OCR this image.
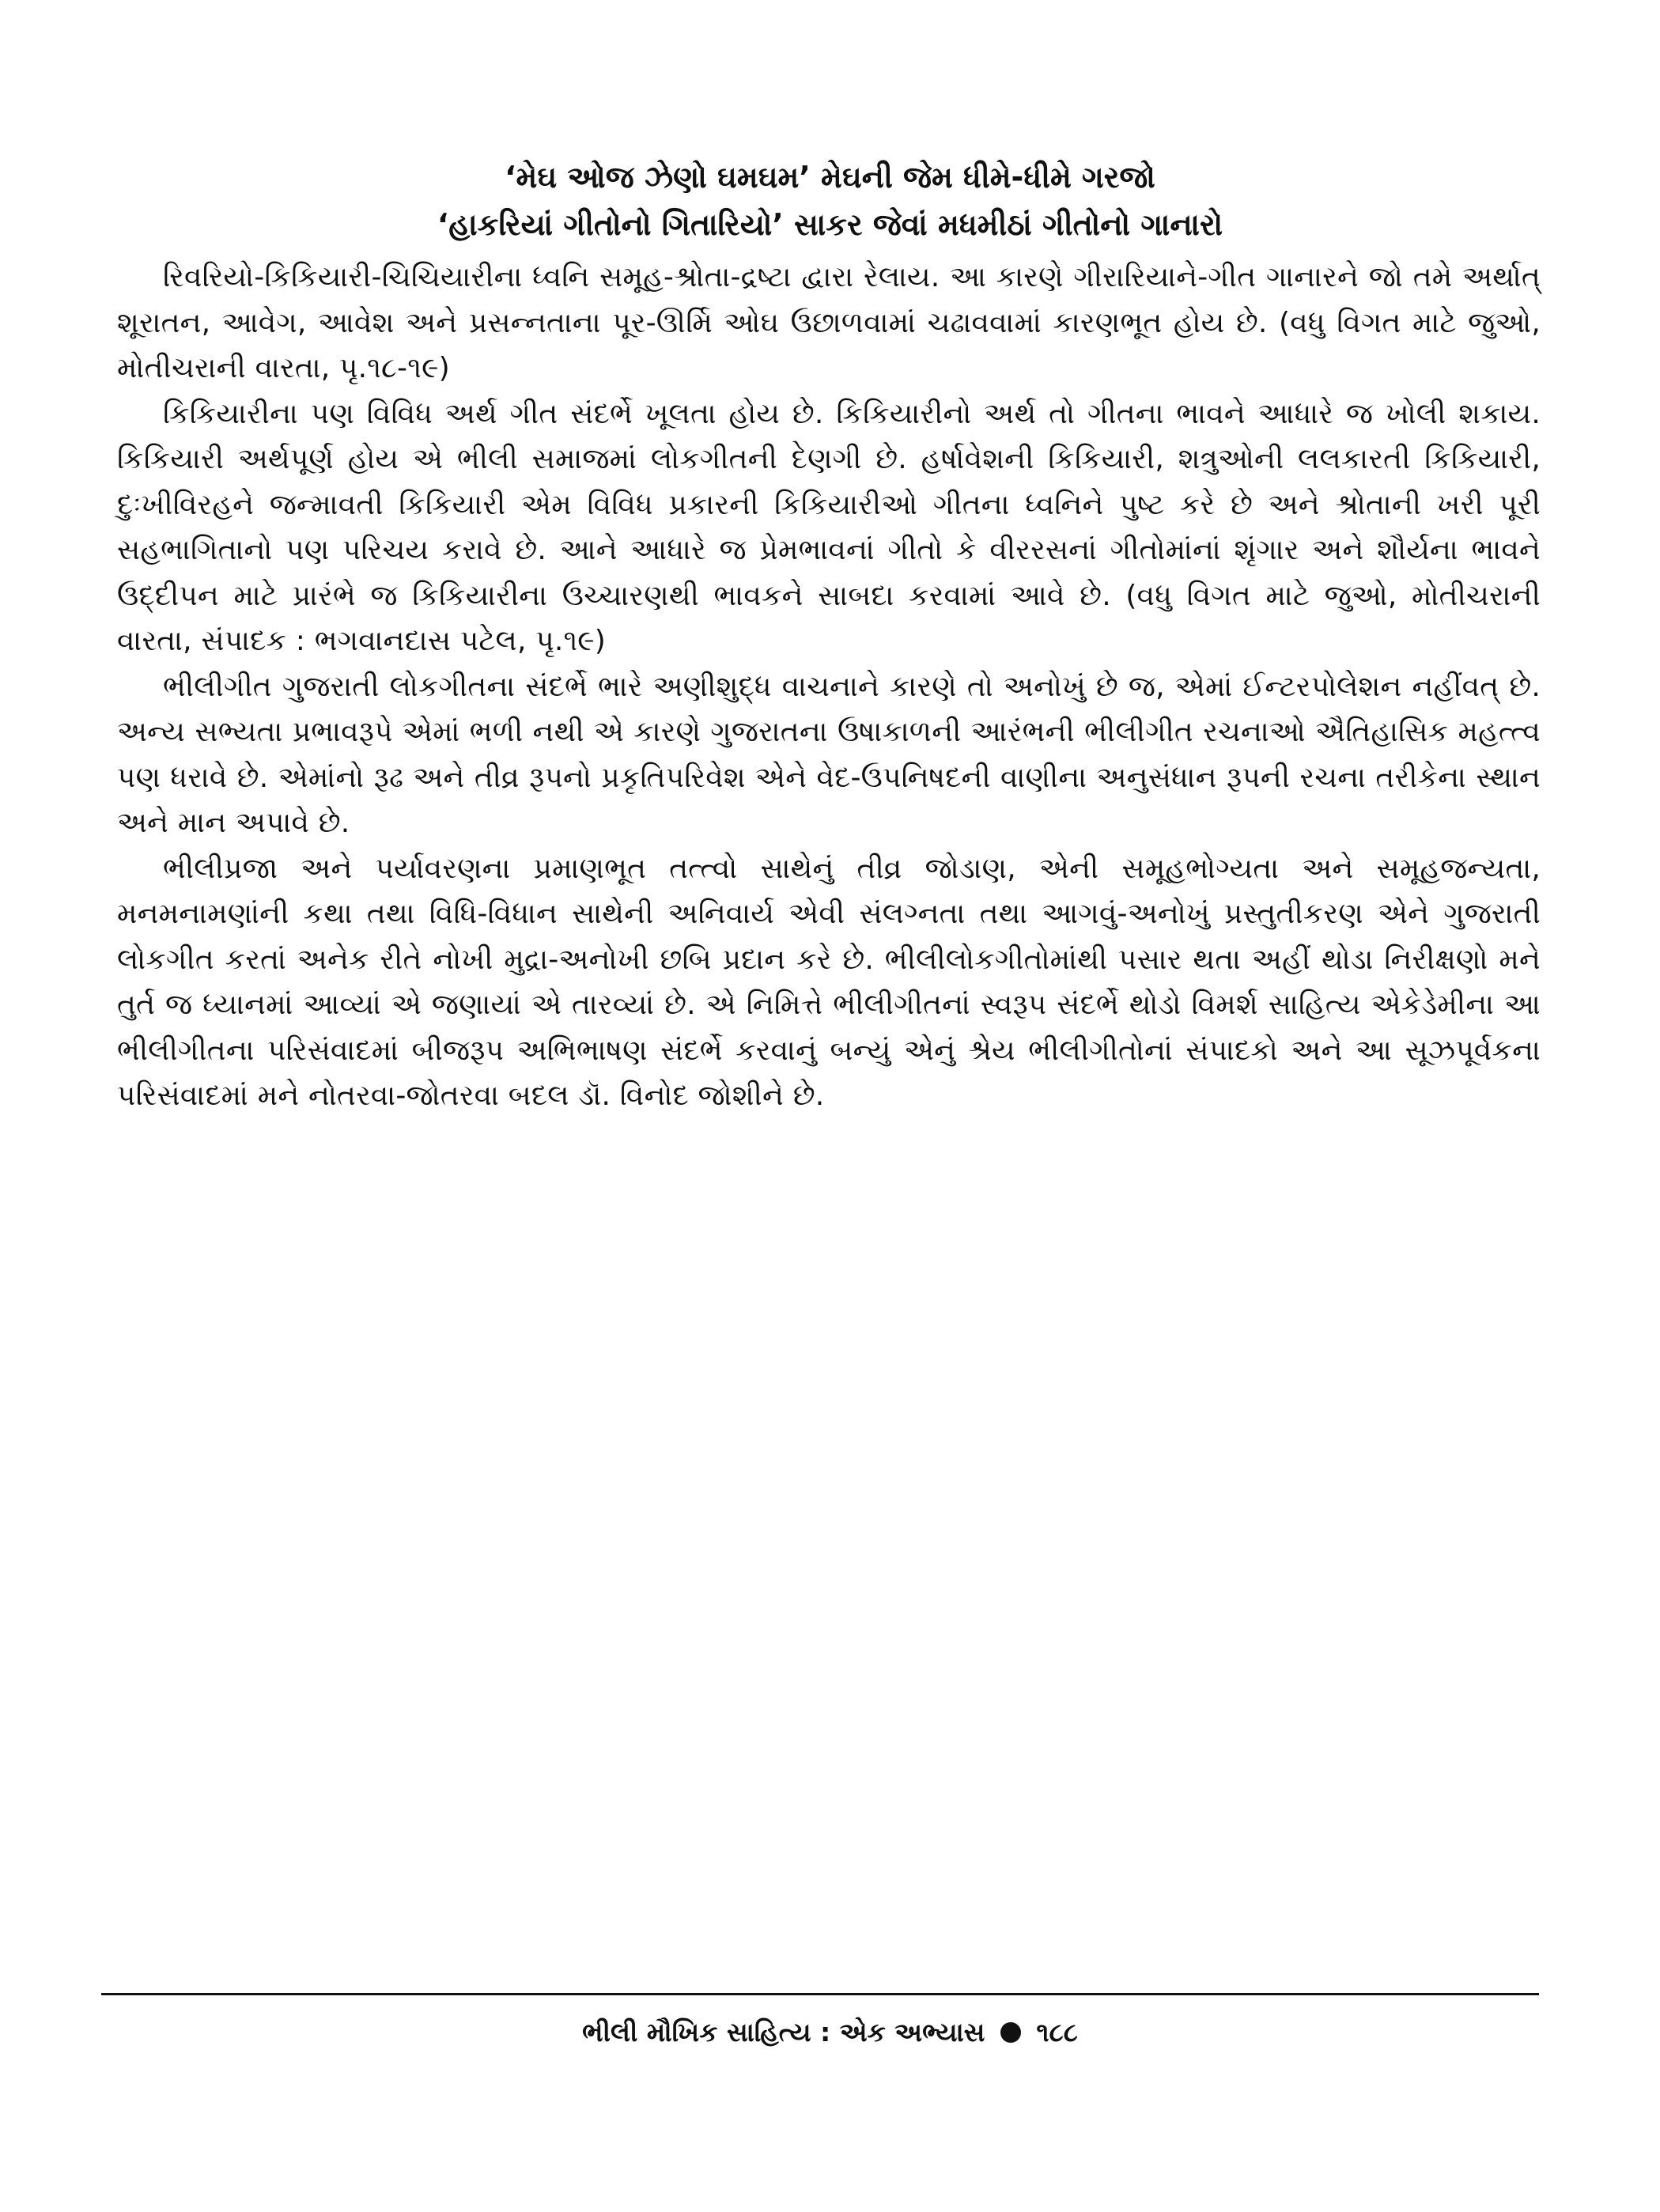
‘મેઘ ઓજ ઝેણો ઘમઘમ’ મેઘની જેમ ધીમે-ધીમે ગરજો
‘હાકરિયાં ગીતોનો ગિતારિયો’ સાકર જેવાં મધમીઠાં ગીતોનો ગાનારો

રિવરિયો-કિકિયારી-ચિચિયારીના ધ્વનિ સમૂહ-શ્રોતા-દ્રષ્ટા દ્વારા રેલાય. આ કારણે ગીરારિયાને-ગીત ગાનારને જો તમે અર્થાત્ શૂરાતન, આવેગ, આવેશ અને પ્રસન્નતાના પૂર-ઊર્મિ ઓઘ ઉછાળવામાં ચઢાવવામાં કારણભૂત હોય છે. (વધુ વિગત માટે જુઓ, મોતીચરાની વારતા, પૃ.૧૮-૧૯)

કિકિયારીના પણ વિવિધ અર્થ ગીત સંદર્ભે ખૂલતા હોય છે. કિકિયારીનો અર્થ તો ગીતના ભાવને આધારે જ ખોલી શકાય. કિકિયારી અર્થપૂર્ણ હોય એ ભીલી સમાજમાં લોકગીતની દેણગી છે. હર્ષાવેશની કિકિયારી, શત્રુઓની લલકારતી કિકિયારી, દુઃખીવિરહને જન્માવતી કિકિયારી એમ વિવિધ પ્રકારની કિકિયારીઓ ગીતના ધ્વનિને પુષ્ટ કરે છે અને શ્રોતાની ખરી પૂરી સહભાગિતાનો પણ પરિચય કરાવે છે. આને આધારે જ પ્રેમભાવનાં ગીતો કે વીરરસનાં ગીતોમાંનાં શૃંગાર અને શૌર્યના ભાવને ઉદ્દીપન માટે પ્રારંભે જ કિકિયારીના ઉચ્ચારણથી ભાવકને સાબદા કરવામાં આવે છે. (વધુ વિગત માટે જુઓ, મોતીચરાની વારતા, સંપાદક : ભગવાનદાસ પટેલ, પૃ.૧૯)

ભીલીગીત ગુજરાતી લોકગીતના સંદર્ભે ભારે અણીશુદ્ધ વાચનાને કારણે તો અનોખું છે જ, એમાં ઈન્ટરપોલેશન નહીંવત્ છે. અન્ય સભ્યતા પ્રભાવરૂપે એમાં ભળી નથી એ કારણે ગુજરાતના ઉષાકાળની આરંભની ભીલીગીત રચનાઓ ઐતિહાસિક મહત્ત્વ પણ ધરાવે છે. એમાંનો રૂઢ અને તીવ્ર રૂપનો પ્રકૃતિપરિવેશ એને વેદ-ઉપનિષદની વાણીના અનુસંધાન રૂપની રચના તરીકેના સ્થાન અને માન અપાવે છે.

ભીલીપ્રજા અને પર્યાવરણના પ્રમાણભૂત તત્ત્વો સાથેનું તીવ્ર જોડાણ, એની સમૂહભોગ્યતા અને સમૂહજન્યતા, મનમનામણાંની કથા તથા વિધિ-વિધાન સાથેની અનિવાર્ય એવી સંલગ્નતા તથા આગવું-અનોખું પ્રસ્તુતીકરણ એને ગુજરાતી લોકગીત કરતાં અનેક રીતે નોખી મુદ્રા-અનોખી છબિ પ્રદાન કરે છે. ભીલીલોકગીતોમાંથી પસાર થતા અહીં થોડા નિરીક્ષણો મને તુર્ત જ ધ્યાનમાં આવ્યાં એ જણાયાં એ તારવ્યાં છે. એ નિમિત્તે ભીલીગીતનાં સ્વરૂપ સંદર્ભે થોડો વિમર્શ સાહિત્ય એકેડેમીના આ ભીલીગીતના પરિસંવાદમાં બીજરૂપ અભિભાષણ સંદર્ભે કરવાનું બન્યું એનું શ્રેય ભીલીગીતોનાં સંપાદકો અને આ સૂઝપૂર્વકના પરિસંવાદમાં મને નોતરવા-જોતરવા બદલ ડૉ. વિનોદ જોશીને છે.

ભીલી મૌખિક સાહિત્ય : એક અભ્યાસ ૧૮૮
